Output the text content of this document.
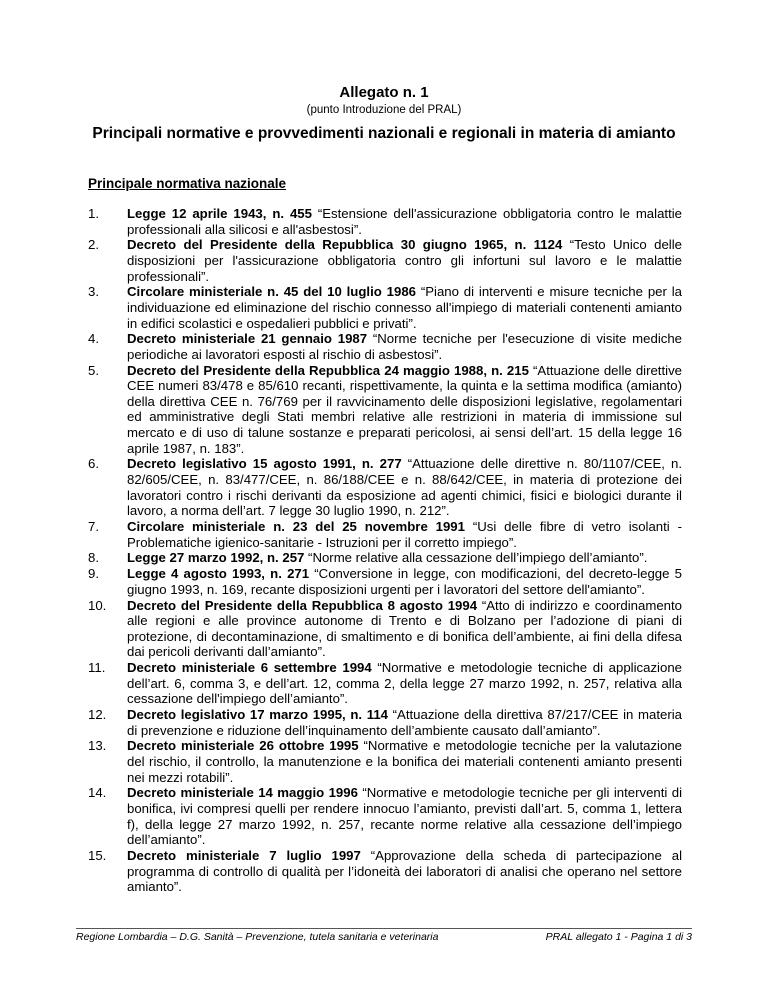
Allegato n. 1
(punto Introduzione del PRAL)
Principali normative e provvedimenti nazionali e regionali in materia di amianto
Principale normativa nazionale
1.	Legge 12 aprile 1943, n. 455 “Estensione dell'assicurazione obbligatoria contro le malattie professionali alla silicosi e all'asbestosi”.
2.	Decreto del Presidente della Repubblica 30 giugno 1965, n. 1124 “Testo Unico delle disposizioni per l'assicurazione obbligatoria contro gli infortuni sul lavoro e le malattie professionali”.
3.	Circolare ministeriale n. 45 del 10 luglio 1986 “Piano di interventi e misure tecniche per la individuazione ed eliminazione del rischio connesso all'impiego di materiali contenenti amianto in edifici scolastici e ospedalieri pubblici e privati”.
4.	Decreto ministeriale 21 gennaio 1987 “Norme tecniche per l'esecuzione di visite mediche periodiche ai lavoratori esposti al rischio di asbestosi”.
5.	Decreto del Presidente della Repubblica 24 maggio 1988, n. 215 “Attuazione delle direttive CEE numeri 83/478 e 85/610 recanti, rispettivamente, la quinta e la settima modifica (amianto) della direttiva CEE n. 76/769 per il ravvicinamento delle disposizioni legislative, regolamentari ed amministrative degli Stati membri relative alle restrizioni in materia di immissione sul mercato e di uso di talune sostanze e preparati pericolosi, ai sensi dell’art. 15 della legge 16 aprile 1987, n. 183”.
6.	Decreto legislativo 15 agosto 1991, n. 277 “Attuazione delle direttive n. 80/1107/CEE, n. 82/605/CEE, n. 83/477/CEE, n. 86/188/CEE e n. 88/642/CEE, in materia di protezione dei lavoratori contro i rischi derivanti da esposizione ad agenti chimici, fisici e biologici durante il lavoro, a norma dell’art. 7 legge 30 luglio 1990, n. 212”.
7.	Circolare ministeriale n. 23 del 25 novembre 1991 “Usi delle fibre di vetro isolanti - Problematiche igienico-sanitarie - Istruzioni per il corretto impiego”.
8.	Legge 27 marzo 1992, n. 257 “Norme relative alla cessazione dell’impiego dell’amianto”.
9.	Legge 4 agosto 1993, n. 271 “Conversione in legge, con modificazioni, del decreto-legge 5 giugno 1993, n. 169, recante disposizioni urgenti per i lavoratori del settore dell'amianto”.
10.	Decreto del Presidente della Repubblica 8 agosto 1994 “Atto di indirizzo e coordinamento alle regioni e alle province autonome di Trento e di Bolzano per l’adozione di piani di protezione, di decontaminazione, di smaltimento e di bonifica dell’ambiente, ai fini della difesa dai pericoli derivanti dall’amianto”.
11.	Decreto ministeriale 6 settembre 1994 “Normative e metodologie tecniche di applicazione dell’art. 6, comma 3, e dell’art. 12, comma 2, della legge 27 marzo 1992, n. 257, relativa alla cessazione dell'impiego dell’amianto”.
12.	Decreto legislativo 17 marzo 1995, n. 114 “Attuazione della direttiva 87/217/CEE in materia di prevenzione e riduzione dell’inquinamento dell’ambiente causato dall’amianto”.
13.	Decreto ministeriale 26 ottobre 1995 “Normative e metodologie tecniche per la valutazione del rischio, il controllo, la manutenzione e la bonifica dei materiali contenenti amianto presenti nei mezzi rotabili”.
14.	Decreto ministeriale 14 maggio 1996 “Normative e metodologie tecniche per gli interventi di bonifica, ivi compresi quelli per rendere innocuo l’amianto, previsti dall’art. 5, comma 1, lettera f), della legge 27 marzo 1992, n. 257, recante norme relative alla cessazione dell’impiego dell’amianto”.
15.	Decreto ministeriale 7 luglio 1997 “Approvazione della scheda di partecipazione al programma di controllo di qualità per l’idoneità dei laboratori di analisi che operano nel settore amianto”.
Regione Lombardia – D.G. Sanità – Prevenzione, tutela sanitaria e veterinaria	PRAL allegato 1 - Pagina 1 di 3
